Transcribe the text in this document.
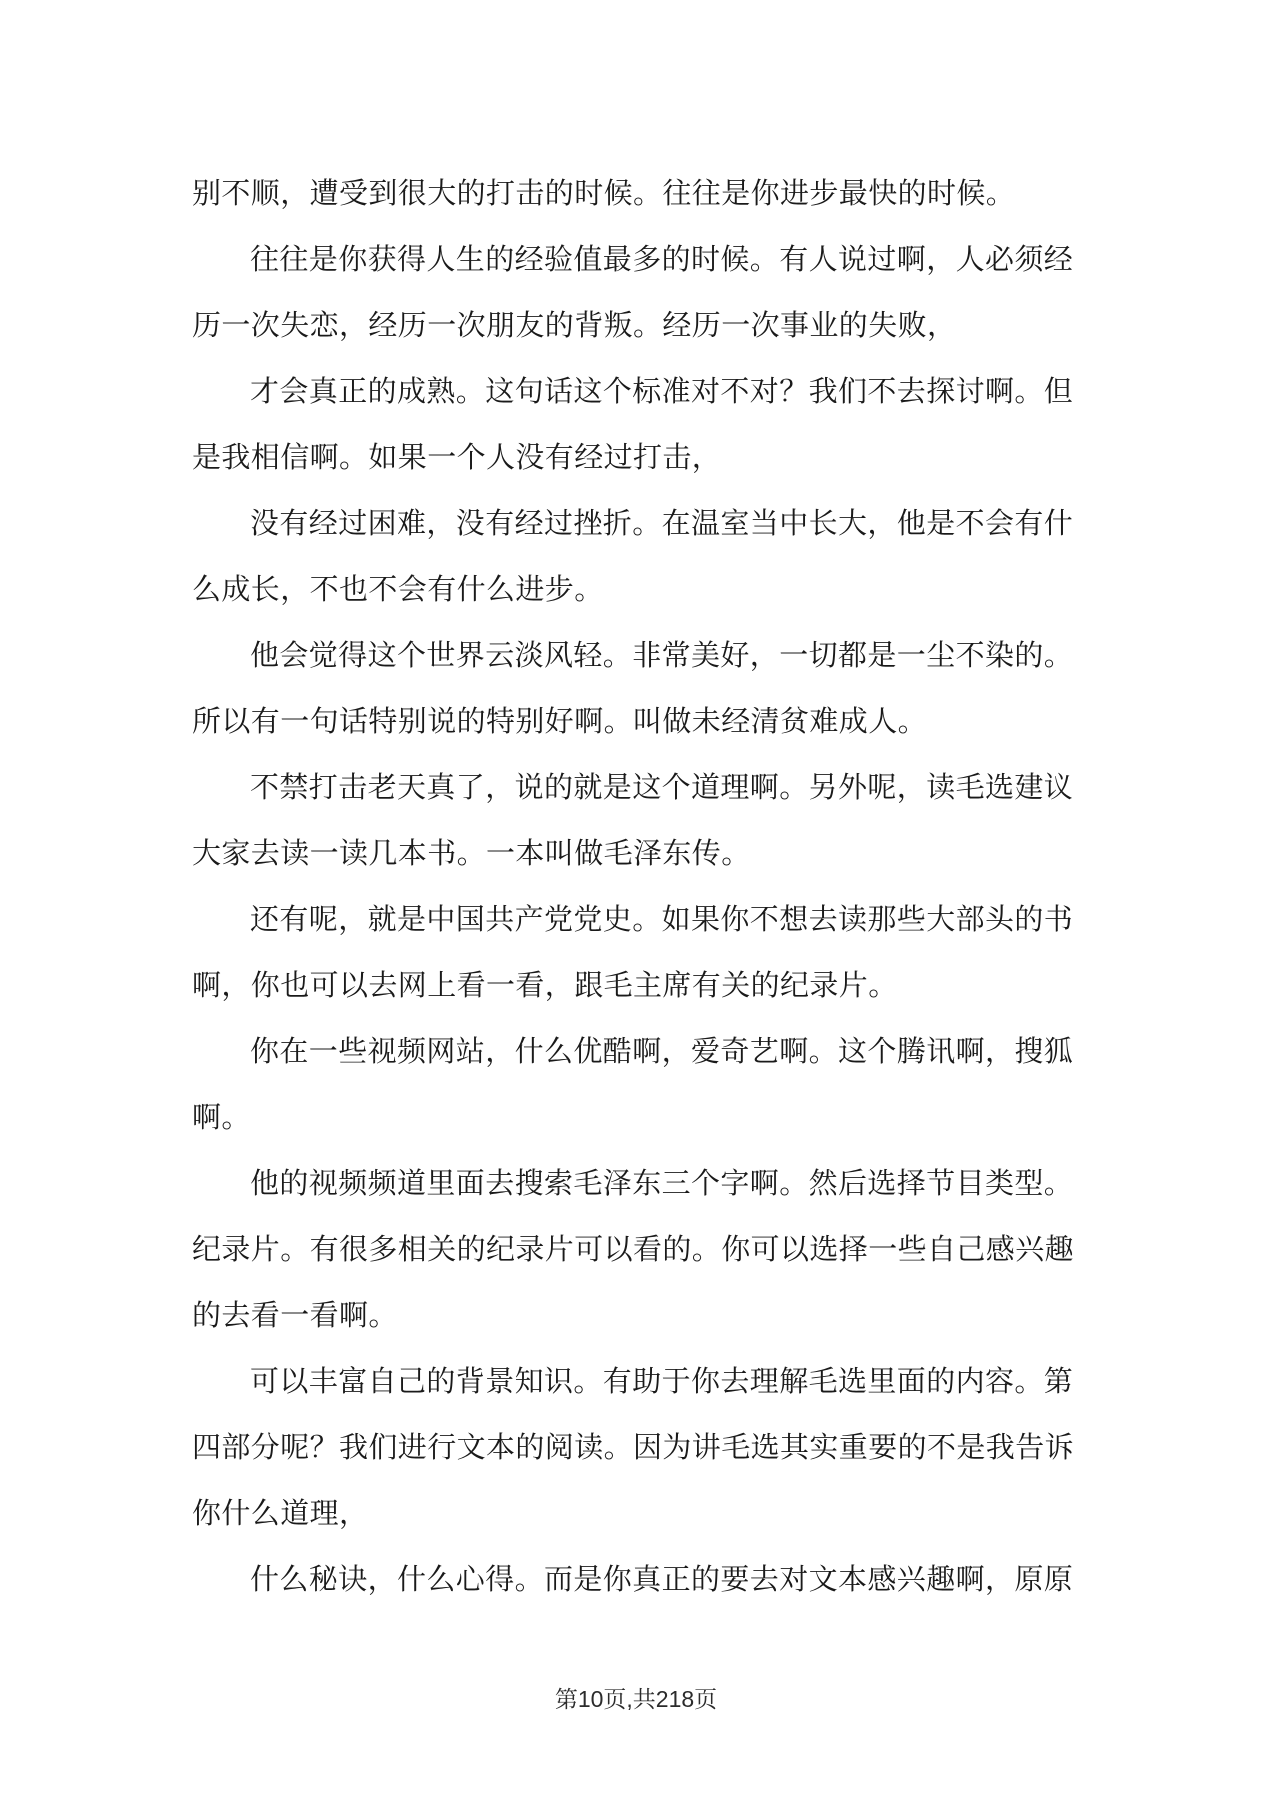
别不顺，遭受到很大的打击的时候。往往是你进步最快的时候。
往往是你获得人生的经验值最多的时候。有人说过啊，人必须经
历一次失恋，经历一次朋友的背叛。经历一次事业的失败，
才会真正的成熟。这句话这个标准对不对？我们不去探讨啊。但
是我相信啊。如果一个人没有经过打击，
没有经过困难，没有经过挫折。在温室当中长大，他是不会有什
么成长，不也不会有什么进步。
他会觉得这个世界云淡风轻。非常美好，一切都是一尘不染的。
所以有一句话特别说的特别好啊。叫做未经清贫难成人。
不禁打击老天真了，说的就是这个道理啊。另外呢，读毛选建议
大家去读一读几本书。一本叫做毛泽东传。
还有呢，就是中国共产党党史。如果你不想去读那些大部头的书
啊，你也可以去网上看一看，跟毛主席有关的纪录片。
你在一些视频网站，什么优酷啊，爱奇艺啊。这个腾讯啊，搜狐
啊。
他的视频频道里面去搜索毛泽东三个字啊。然后选择节目类型。
纪录片。有很多相关的纪录片可以看的。你可以选择一些自己感兴趣
的去看一看啊。
可以丰富自己的背景知识。有助于你去理解毛选里面的内容。第
四部分呢？我们进行文本的阅读。因为讲毛选其实重要的不是我告诉
你什么道理，
什么秘诀，什么心得。而是你真正的要去对文本感兴趣啊，原原
第10页,共218页
